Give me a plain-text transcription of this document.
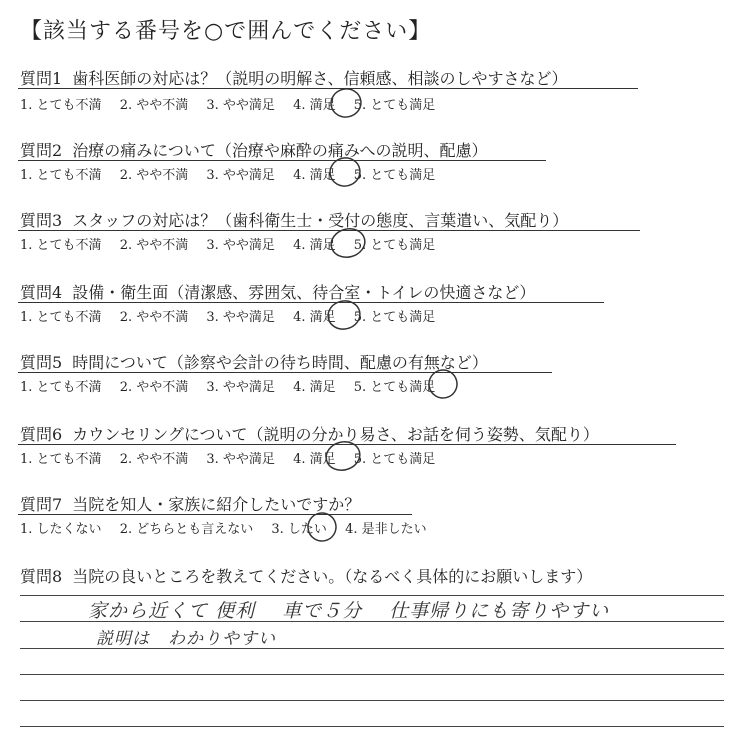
【該当する番号を○で囲んでください】
質問1 歯科医師の対応は？（説明の明解さ、信頼感、相談のしやすさなど）
1. とても不満 2. やや不満 3. やや満足 4. 満足 5. とても満足
質問2 治療の痛みについて（治療や麻酔の痛みへの説明、配慮）
1. とても不満 2. やや不満 3. やや満足 4. 満足 5. とても満足
質問3 スタッフの対応は？（歯科衛生士・受付の態度、言葉遣い、気配り）
1. とても不満 2. やや不満 3. やや満足 4. 満足 5. とても満足
質問4 設備・衛生面（清潔感、雰囲気、待合室・トイレの快適さなど）
1. とても不満 2. やや不満 3. やや満足 4. 満足 5. とても満足
質問5 時間について（診察や会計の待ち時間、配慮の有無など）
1. とても不満 2. やや不満 3. やや満足 4. 満足 5. とても満足
質問6 カウンセリングについて（説明の分かり易さ、お話を伺う姿勢、気配り）
1. とても不満 2. やや不満 3. やや満足 4. 満足 5. とても満足
質問7 当院を知人・家族に紹介したいですか？
1. したくない 2. どちらとも言えない 3. したい 4. 是非したい
質問8 当院の良いところを教えてください。（なるべく具体的にお願いします）
家から近くて 便利　 車で５分　 仕事帰りにも寄りやすい
説明は　わかりやすい
